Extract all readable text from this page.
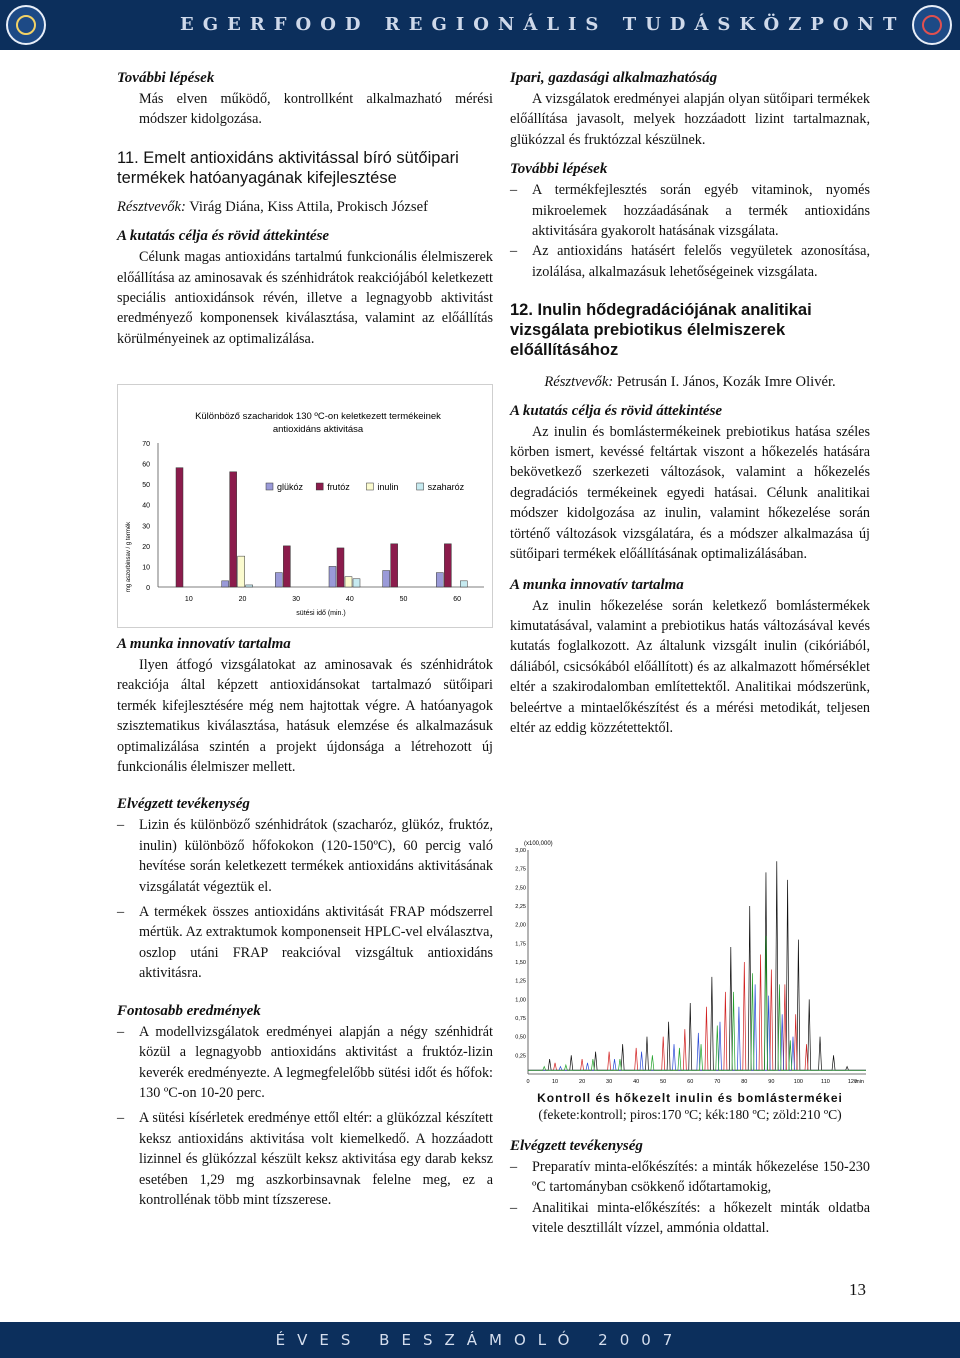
EGERFOOD REGIONÁLIS TUDÁSKÖZPONT
További lépések
Más elven működő, kontrollként alkalmazható mérési módszer kidolgozása.
11. Emelt antioxidáns aktivitással bíró sütőipari termékek hatóanyagának kifejlesztése
Résztvevők: Virág Diána, Kiss Attila, Prokisch József
A kutatás célja és rövid áttekintése
Célunk magas antioxidáns tartalmú funkcionális élelmiszerek előállítása az aminosavak és szénhidrátok reakciójából keletkezett speciális antioxidánsok révén, illetve a legnagyobb aktivitást eredményező komponensek kiválasztása, valamint az előállítás körülményeinek az optimalizálása.
Különböző szacharidok 130 ºC-on keletkezett termékeinek antioxidáns aktivitása
mg aszorbinsav / g termék
sütési idő (min.)
0
10
20
30
40
50
60
70
10	20	30	40	50	60
glükóz	frutóz	inulin	szaharóz
A munka innovatív tartalma
Ilyen átfogó vizsgálatokat az aminosavak és szénhidrátok reakciója által képzett antioxidánsokat tartalmazó sütőipari termék kifejlesztésére még nem hajtottak végre. A hatóanyagok szisztematikus kiválasztása, hatásuk elemzése és alkalmazásuk optimalizálása szintén a projekt újdonsága a létrehozott új funkcionális élelmiszer mellett.
Elvégzett tevékenység
– Lizin és különböző szénhidrátok (szacharóz, glükóz, fruktóz, inulin) különböző hőfokokon (120-150ºC), 60 percig való hevítése során keletkezett termékek antioxidáns aktivitásának vizsgálatát végeztük el.
– A termékek összes antioxidáns aktivitását FRAP módszerrel mértük. Az extraktumok komponenseit HPLC-vel elválasztva, oszlop utáni FRAP reakcióval vizsgáltuk antioxidáns aktivitásra.
Fontosabb eredmények
– A modellvizsgálatok eredményei alapján a négy szénhidrát közül a legnagyobb antioxidáns aktivitást a fruktóz-lizin keverék eredményezte. A legmegfelelőbb sütési időt és hőfok: 130 ºC-on 10-20 perc.
– A sütési kísérletek eredménye ettől eltér: a glükózzal készített keksz antioxidáns aktivitása volt kiemelkedő. A hozzáadott lizinnel és glükózzal készült keksz aktivitása egy darab keksz esetében 1,29 mg aszkorbinsavnak felelne meg, ez a kontrollénak több mint tízszerese.
Ipari, gazdasági alkalmazhatóság
A vizsgálatok eredményei alapján olyan sütőipari termékek előállítása javasolt, melyek hozzáadott lizint tartalmaznak, glükózzal és fruktózzal készülnek.
További lépések
– A termékfejlesztés során egyéb vitaminok, nyomés mikroelemek hozzáadásának a termék antioxidáns aktivitására gyakorolt hatásának vizsgálata.
– Az antioxidáns hatásért felelős vegyületek azonosítása, izolálása, alkalmazásuk lehetőségeinek vizsgálata.
12. Inulin hődegradációjának analitikai vizsgálata prebiotikus élelmiszerek előállításához
Résztvevők: Petrusán I. János, Kozák Imre Olivér.
A kutatás célja és rövid áttekintése
Az inulin és bomlástermékeinek prebiotikus hatása széles körben ismert, kevéssé feltártak viszont a hőkezelés hatására bekövetkező szerkezeti változások, valamint a hőkezelés degradációs termékeinek egyedi hatásai. Célunk analitikai módszer kidolgozása az inulin, valamint hőkezelése során történő változások vizsgálatára, és a módszer alkalmazása új sütőipari termékek előállításának optimalizálásában.
A munka innovatív tartalma
Az inulin hőkezelése során keletkező bomlástermékek kimutatásával, valamint a prebiotikus hatás változásával kevés kutatás foglalkozott. Az általunk vizsgált inulin (cikóriából, dáliából, csicsókából előállított) és az alkalmazott hőmérséklet eltér a szakirodalomban említettektől. Analitikai módszerünk, beleértve a mintaelőkészítést és a mérési metodikát, teljesen eltér az eddig közzétettektől.
(x100,000)
0,25
0,50
0,75
1,00
1,25
1,50
1,75
2,00
2,25
2,50
2,75
3,00
0	10	20	30	40	50	60	70	80	90	100	110	120
min
Kontroll és hőkezelt inulin és bomlástermékei
(fekete:kontroll; piros:170 ºC; kék:180 ºC; zöld:210 ºC)
Elvégzett tevékenység
– Preparatív minta-előkészítés: a minták hőkezelése 150-230 ºC tartományban csökkenő időtartamokig,
– Analitikai minta-előkészítés: a hőkezelt minták oldatba vitele desztillált vízzel, ammónia oldattal.
13
ÉVES BESZÁMOLÓ 2007
